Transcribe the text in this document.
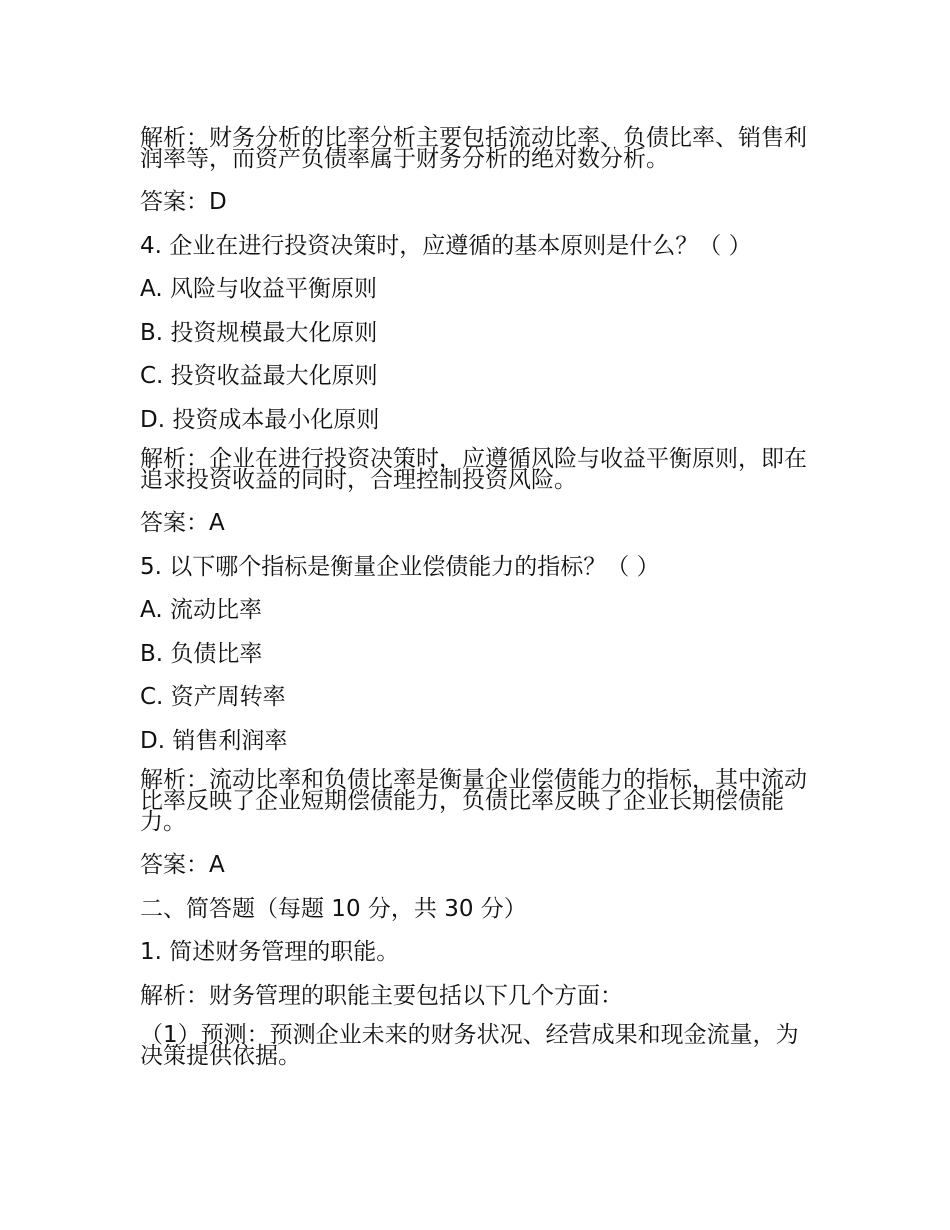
解析：财务分析的比率分析主要包括流动比率、负债比率、销售利润率等，而资产负债率属于财务分析的绝对数分析。

答案：D

4. 企业在进行投资决策时，应遵循的基本原则是什么？（ ）

A. 风险与收益平衡原则

B. 投资规模最大化原则

C. 投资收益最大化原则

D. 投资成本最小化原则

解析：企业在进行投资决策时，应遵循风险与收益平衡原则，即在追求投资收益的同时，合理控制投资风险。

答案：A

5. 以下哪个指标是衡量企业偿债能力的指标？（ ）

A. 流动比率

B. 负债比率

C. 资产周转率

D. 销售利润率

解析：流动比率和负债比率是衡量企业偿债能力的指标，其中流动比率反映了企业短期偿债能力，负债比率反映了企业长期偿债能力。

答案：A

二、简答题（每题 10 分，共 30 分）

1. 简述财务管理的职能。

解析：财务管理的职能主要包括以下几个方面：

（1）预测：预测企业未来的财务状况、经营成果和现金流量，为决策提供依据。
